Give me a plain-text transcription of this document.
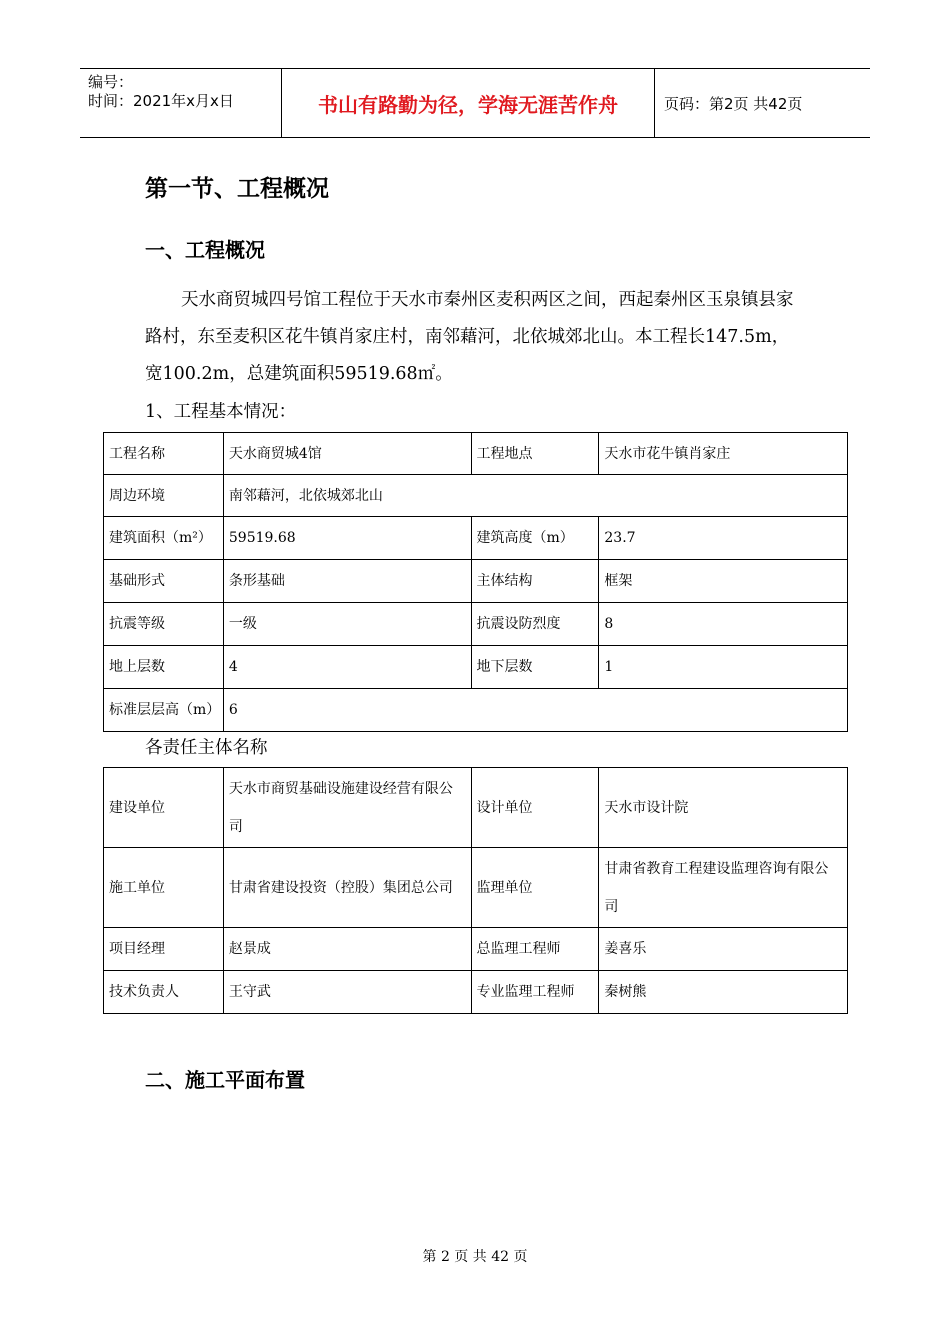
编号：
时间：2021年x月x日	书山有路勤为径，学海无涯苦作舟	页码：第2页 共42页
第一节、工程概况
一、工程概况
天水商贸城四号馆工程位于天水市秦州区麦积两区之间，西起秦州区玉泉镇县家路村，东至麦积区花牛镇肖家庄村，南邻藉河，北依城郊北山。本工程长147.5m，宽100.2m，总建筑面积59519.68㎡。
1、工程基本情况：
工程名称	天水商贸城4馆	工程地点	天水市花牛镇肖家庄
周边环境	南邻藉河，北依城郊北山		
建筑面积（m²）	59519.68	建筑高度（m）	23.7
基础形式	条形基础	主体结构	框架
抗震等级	一级	抗震设防烈度	8
地上层数	4	地下层数	1
标准层层高（m）	6		
各责任主体名称
建设单位	天水市商贸基础设施建设经营有限公司	设计单位	天水市设计院
施工单位	甘肃省建设投资（控股）集团总公司	监理单位	甘肃省教育工程建设监理咨询有限公司
项目经理	赵景成	总监理工程师	姜喜乐
技术负责人	王守武	专业监理工程师	秦树熊
二、施工平面布置
第 2 页 共 42 页
